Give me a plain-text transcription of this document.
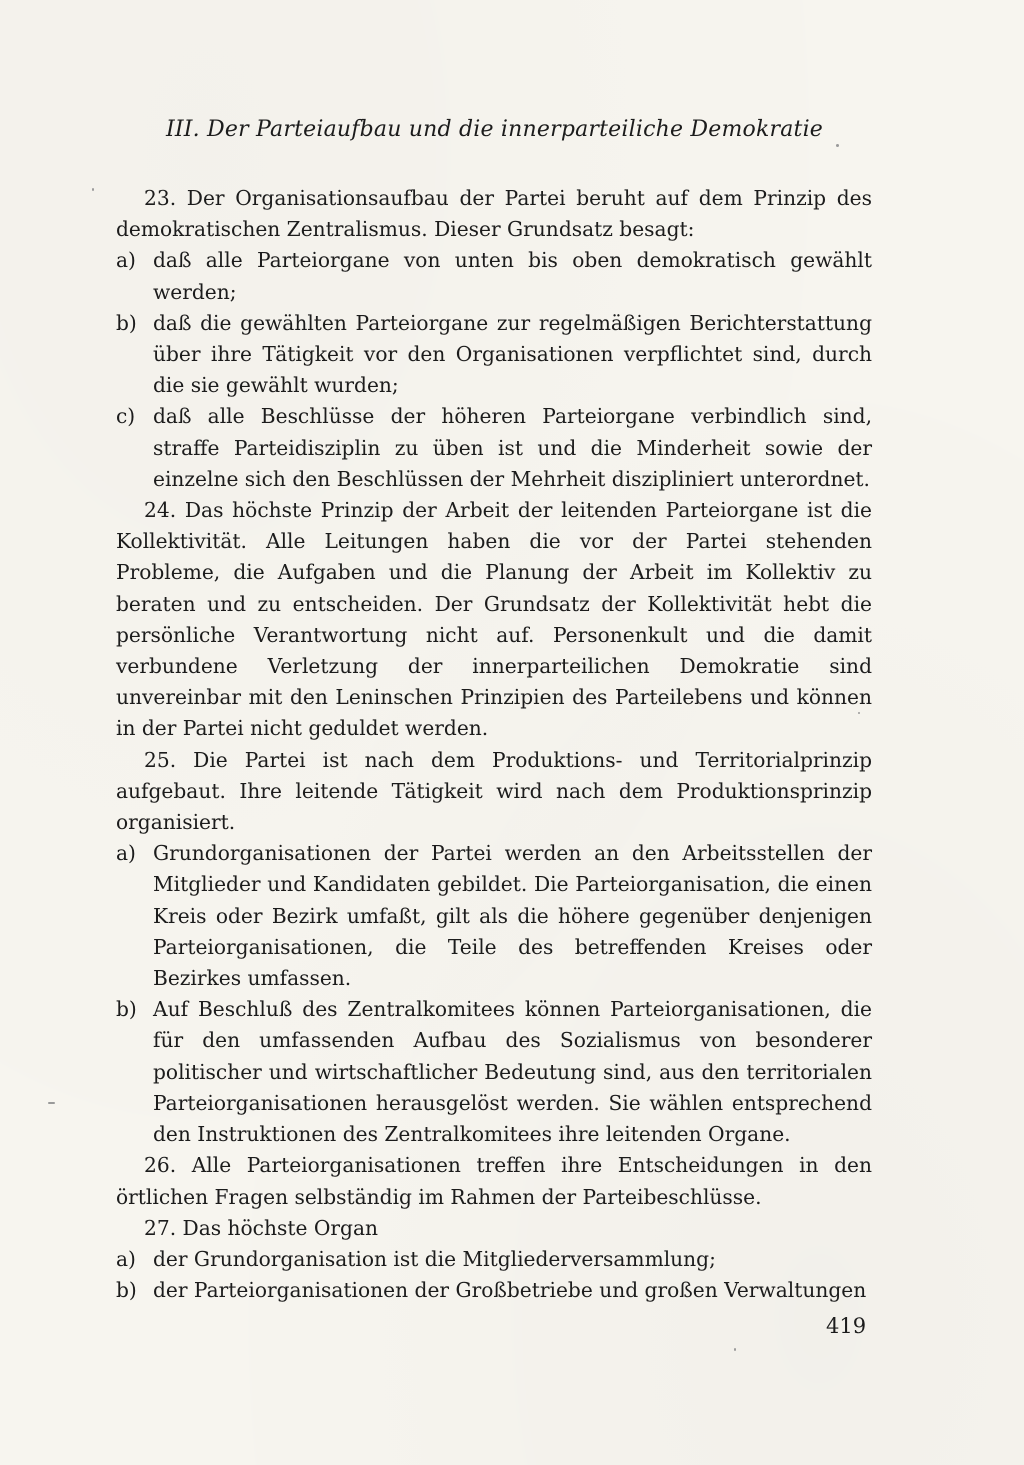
III. Der Parteiaufbau und die innerparteiliche Demokratie

23. Der Organisationsaufbau der Partei beruht auf dem Prinzip des demokratischen Zentralismus. Dieser Grundsatz besagt:

a) daß alle Parteiorgane von unten bis oben demokratisch gewählt werden;
b) daß die gewählten Parteiorgane zur regelmäßigen Berichterstattung über ihre Tätigkeit vor den Organisationen verpflichtet sind, durch die sie gewählt wurden;
c) daß alle Beschlüsse der höheren Parteiorgane verbindlich sind, straffe Parteidisziplin zu üben ist und die Minderheit sowie der einzelne sich den Beschlüssen der Mehrheit diszipliniert unterordnet.

24. Das höchste Prinzip der Arbeit der leitenden Parteiorgane ist die Kollektivität. Alle Leitungen haben die vor der Partei stehenden Probleme, die Aufgaben und die Planung der Arbeit im Kollektiv zu beraten und zu entscheiden. Der Grundsatz der Kollektivität hebt die persönliche Verantwortung nicht auf. Personenkult und die damit verbundene Verletzung der innerparteilichen Demokratie sind unvereinbar mit den Leninschen Prinzipien des Parteilebens und können in der Partei nicht geduldet werden.

25. Die Partei ist nach dem Produktions- und Territorialprinzip aufgebaut. Ihre leitende Tätigkeit wird nach dem Produktionsprinzip organisiert.

a) Grundorganisationen der Partei werden an den Arbeitsstellen der Mitglieder und Kandidaten gebildet. Die Parteiorganisation, die einen Kreis oder Bezirk umfaßt, gilt als die höhere gegenüber denjenigen Parteiorganisationen, die Teile des betreffenden Kreises oder Bezirkes umfassen.
b) Auf Beschluß des Zentralkomitees können Parteiorganisationen, die für den umfassenden Aufbau des Sozialismus von besonderer politischer und wirtschaftlicher Bedeutung sind, aus den territorialen Parteiorganisationen herausgelöst werden. Sie wählen entsprechend den Instruktionen des Zentralkomitees ihre leitenden Organe.

26. Alle Parteiorganisationen treffen ihre Entscheidungen in den örtlichen Fragen selbständig im Rahmen der Parteibeschlüsse.

27. Das höchste Organ

a) der Grundorganisation ist die Mitgliederversammlung;
b) der Parteiorganisationen der Großbetriebe und großen Verwaltungen
419
